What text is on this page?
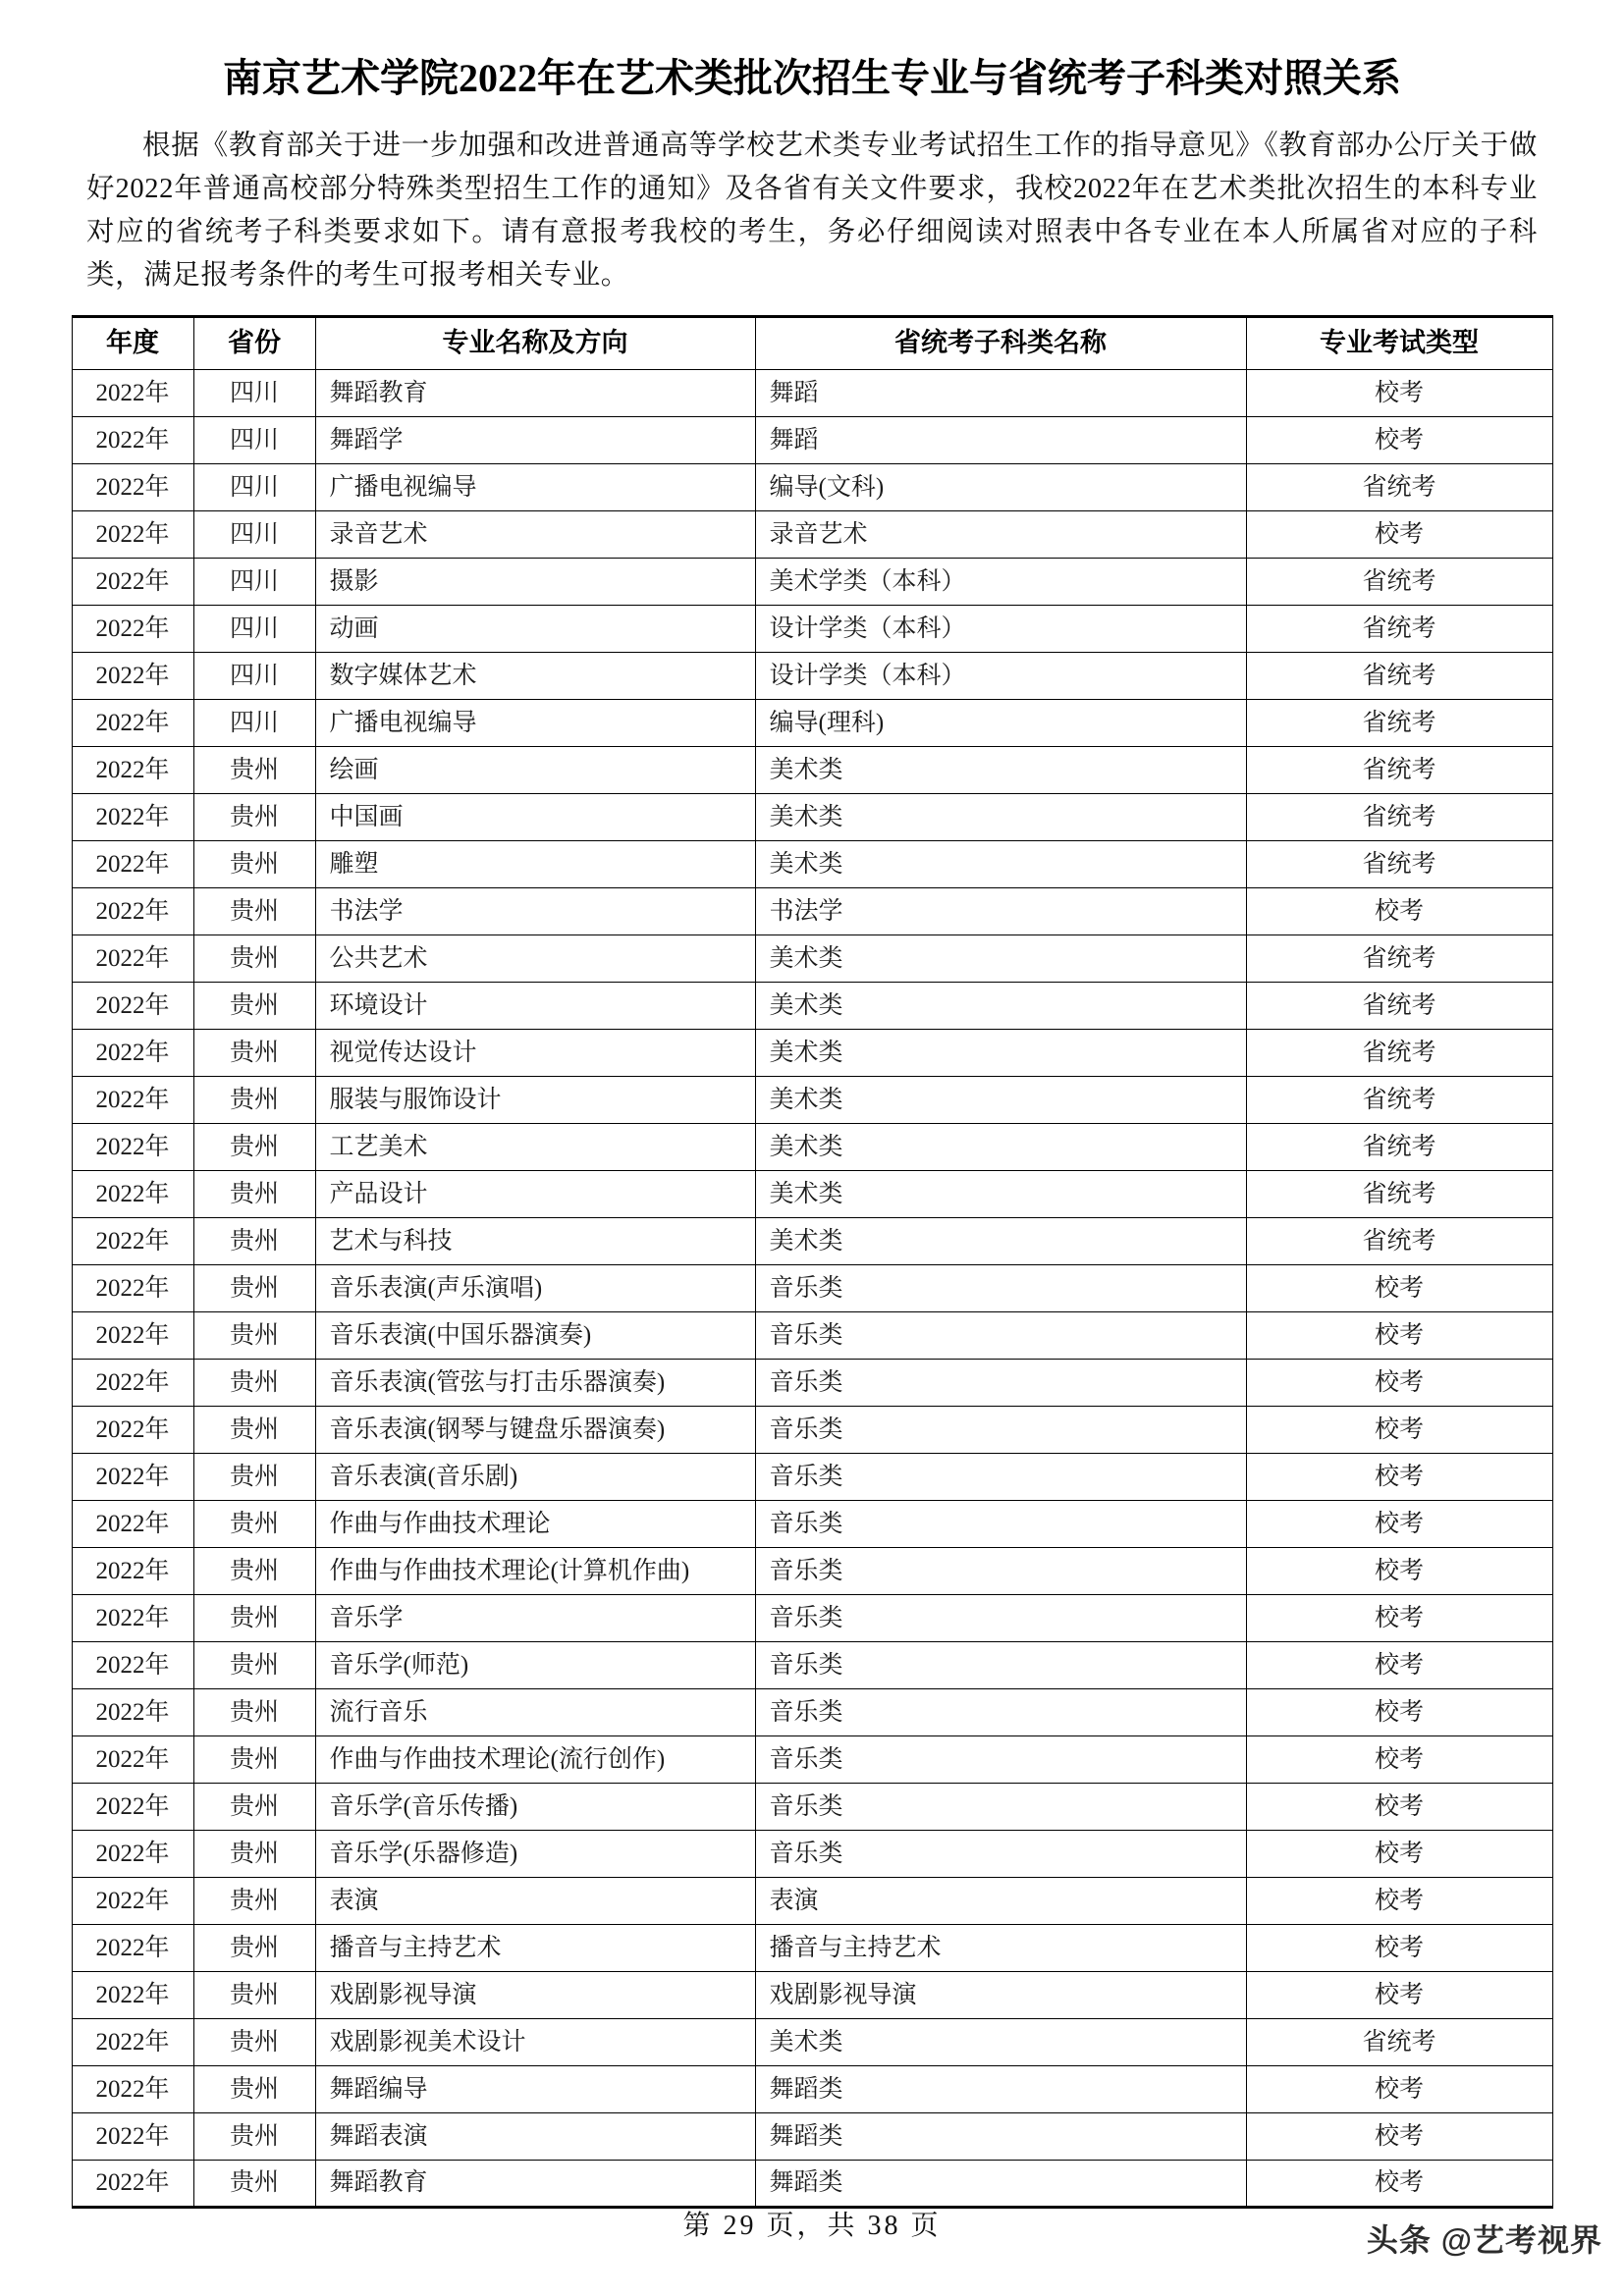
南京艺术学院2022年在艺术类批次招生专业与省统考子科类对照关系

根据《教育部关于进一步加强和改进普通高等学校艺术类专业考试招生工作的指导意见》《教育部办公厅关于做好2022年普通高校部分特殊类型招生工作的通知》及各省有关文件要求，我校2022年在艺术类批次招生的本科专业对应的省统考子科类要求如下。请有意报考我校的考生，务必仔细阅读对照表中各专业在本人所属省对应的子科类，满足报考条件的考生可报考相关专业。

年度	省份	专业名称及方向	省统考子科类名称	专业考试类型
2022年	四川	舞蹈教育	舞蹈	校考
2022年	四川	舞蹈学	舞蹈	校考
2022年	四川	广播电视编导	编导(文科)	省统考
2022年	四川	录音艺术	录音艺术	校考
2022年	四川	摄影	美术学类（本科）	省统考
2022年	四川	动画	设计学类（本科）	省统考
2022年	四川	数字媒体艺术	设计学类（本科）	省统考
2022年	四川	广播电视编导	编导(理科)	省统考
2022年	贵州	绘画	美术类	省统考
2022年	贵州	中国画	美术类	省统考
2022年	贵州	雕塑	美术类	省统考
2022年	贵州	书法学	书法学	校考
2022年	贵州	公共艺术	美术类	省统考
2022年	贵州	环境设计	美术类	省统考
2022年	贵州	视觉传达设计	美术类	省统考
2022年	贵州	服装与服饰设计	美术类	省统考
2022年	贵州	工艺美术	美术类	省统考
2022年	贵州	产品设计	美术类	省统考
2022年	贵州	艺术与科技	美术类	省统考
2022年	贵州	音乐表演(声乐演唱)	音乐类	校考
2022年	贵州	音乐表演(中国乐器演奏)	音乐类	校考
2022年	贵州	音乐表演(管弦与打击乐器演奏)	音乐类	校考
2022年	贵州	音乐表演(钢琴与键盘乐器演奏)	音乐类	校考
2022年	贵州	音乐表演(音乐剧)	音乐类	校考
2022年	贵州	作曲与作曲技术理论	音乐类	校考
2022年	贵州	作曲与作曲技术理论(计算机作曲)	音乐类	校考
2022年	贵州	音乐学	音乐类	校考
2022年	贵州	音乐学(师范)	音乐类	校考
2022年	贵州	流行音乐	音乐类	校考
2022年	贵州	作曲与作曲技术理论(流行创作)	音乐类	校考
2022年	贵州	音乐学(音乐传播)	音乐类	校考
2022年	贵州	音乐学(乐器修造)	音乐类	校考
2022年	贵州	表演	表演	校考
2022年	贵州	播音与主持艺术	播音与主持艺术	校考
2022年	贵州	戏剧影视导演	戏剧影视导演	校考
2022年	贵州	戏剧影视美术设计	美术类	省统考
2022年	贵州	舞蹈编导	舞蹈类	校考
2022年	贵州	舞蹈表演	舞蹈类	校考
2022年	贵州	舞蹈教育	舞蹈类	校考
第 29 页，共 38 页	头条 @艺考视界
